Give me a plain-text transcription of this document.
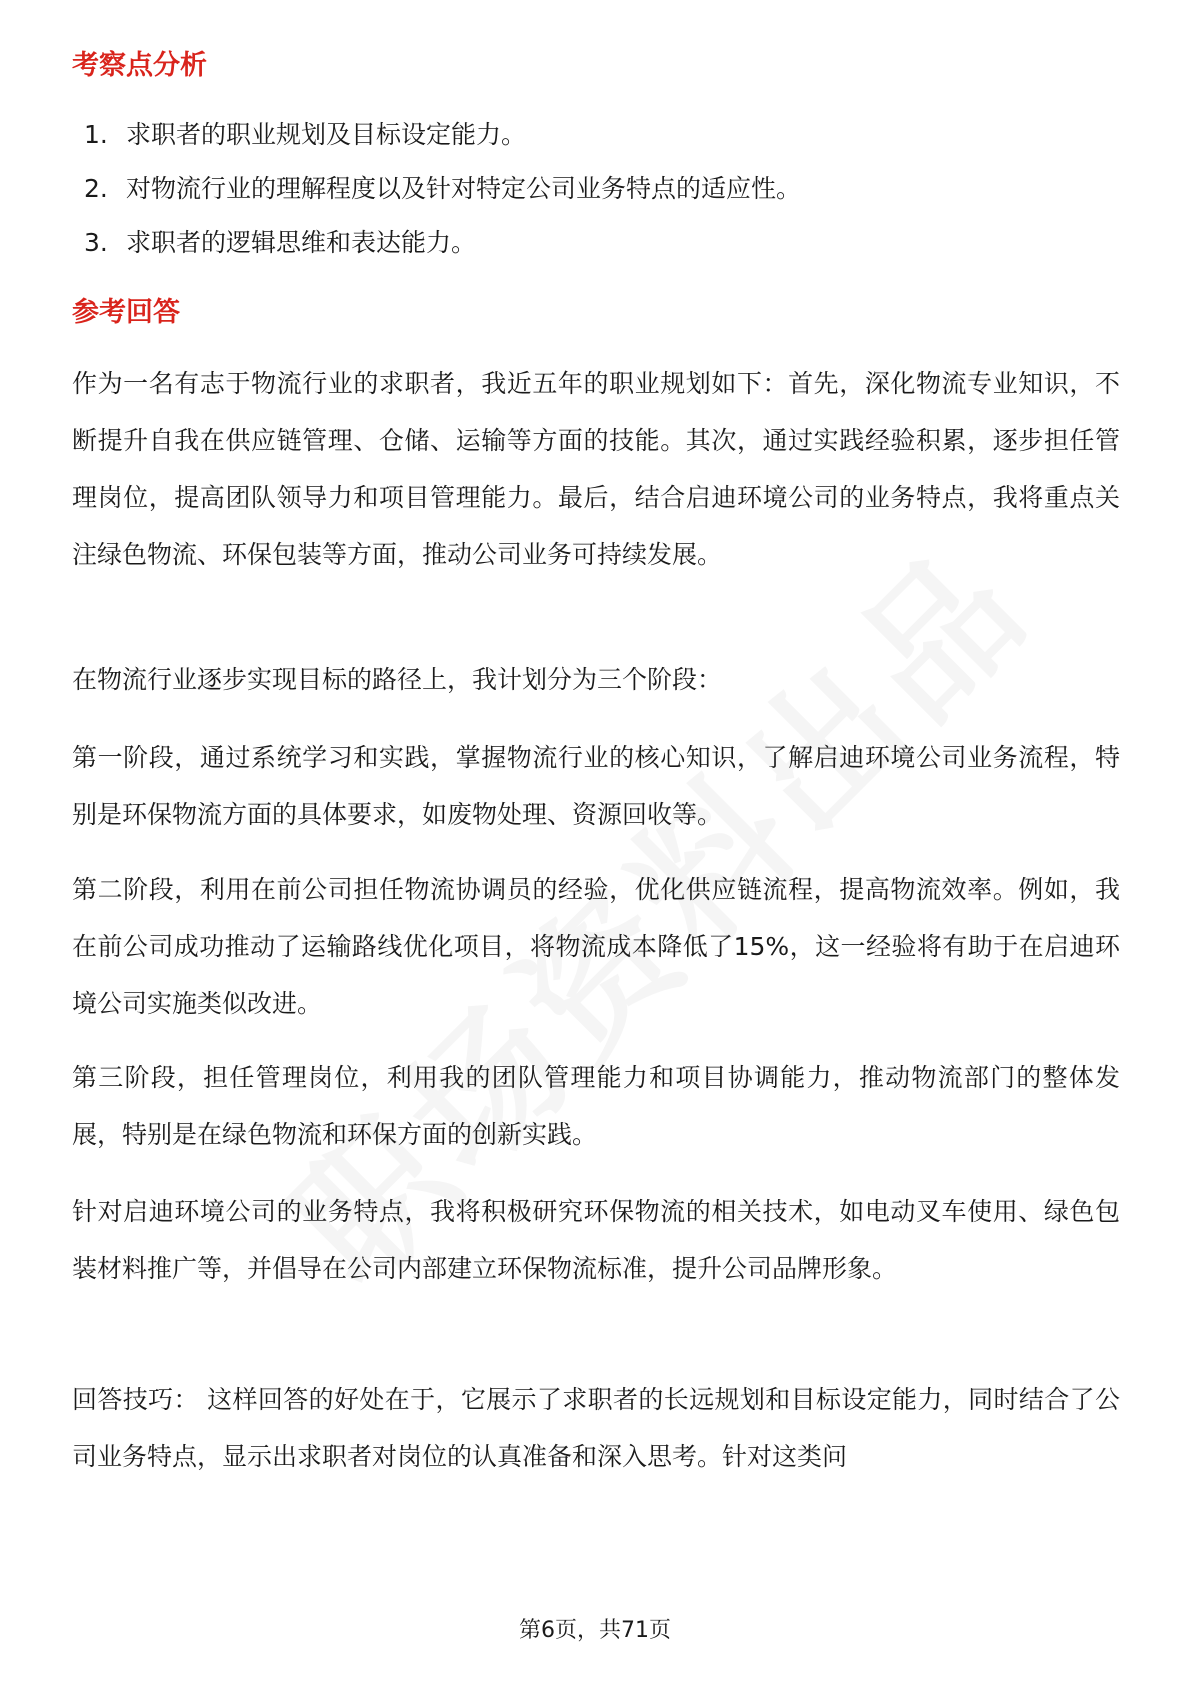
考察点分析

1. 求职者的职业规划及目标设定能力。

2. 对物流行业的理解程度以及针对特定公司业务特点的适应性。

3. 求职者的逻辑思维和表达能力。

参考回答

作为一名有志于物流行业的求职者，我近五年的职业规划如下：首先，深化物流专业知识，不断提升自我在供应链管理、仓储、运输等方面的技能。其次，通过实践经验积累，逐步担任管理岗位，提高团队领导力和项目管理能力。最后，结合启迪环境公司的业务特点，我将重点关注绿色物流、环保包装等方面，推动公司业务可持续发展。

在物流行业逐步实现目标的路径上，我计划分为三个阶段：

第一阶段，通过系统学习和实践，掌握物流行业的核心知识，了解启迪环境公司业务流程，特别是环保物流方面的具体要求，如废物处理、资源回收等。

第二阶段，利用在前公司担任物流协调员的经验，优化供应链流程，提高物流效率。例如，我在前公司成功推动了运输路线优化项目，将物流成本降低了15%，这一经验将有助于在启迪环境公司实施类似改进。

第三阶段，担任管理岗位，利用我的团队管理能力和项目协调能力，推动物流部门的整体发展，特别是在绿色物流和环保方面的创新实践。

针对启迪环境公司的业务特点，我将积极研究环保物流的相关技术，如电动叉车使用、绿色包装材料推广等，并倡导在公司内部建立环保物流标准，提升公司品牌形象。

回答技巧： 这样回答的好处在于，它展示了求职者的长远规划和目标设定能力，同时结合了公司业务特点，显示出求职者对岗位的认真准备和深入思考。针对这类问

第6页，共71页
